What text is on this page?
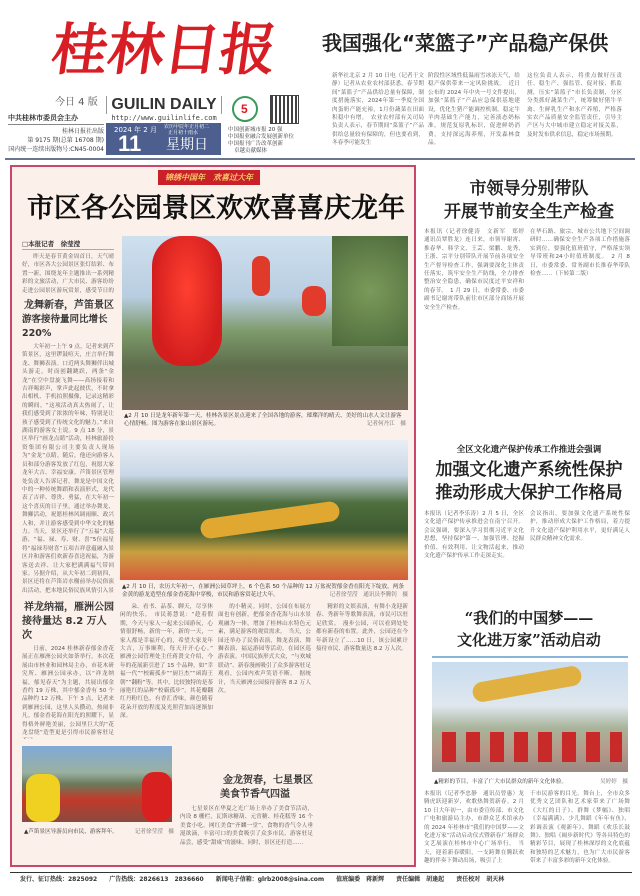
桂林日报
今日 4 版
中共桂林市委员会主办
桂林日报社出版
第 9175 期(总第 16708 期)
国内统一连续出版物号:CN45-0004
GUILIN DAILY
http://www.guilinlife.com
2024 年 2 月
11
农历甲辰年正月初二
正月初十雨水
星期日
5
中国创新城市报 20 强
中国报业融合发展创新单位
中国报刊广告改革创新
卓越贡献媒体
我国强化“菜篮子”产品稳产保供
新华社北京 2 月 10 日电（记者于文静）记者从农业农村部获悉，春节期间“菜篮子”产品供给总量有保障，制度措施落实，2024年第一季度全国肉蛋奶产能充裕，1月份蔬菜在田面积稳中有增。　农业农村部有关司局负责人表示，春节期间“菜篮子”产品供给总量较有保障的，但也要看到，冬春季可能发生
阶段性区域性低温雨雪冰冻天气，给稳产保供带来一定风险挑战。　近日公布的 2024 年中央一号文件提出，加强“菜篮子”产品应急保供基地建设，优化生猪产能调控机制，稳定牛羊肉基础生产能力，完善液态奶标准，规范复原乳标识，促进鲜奶消费，支持深远海养殖，开发森林食品。
这位负责人表示，将重点做好压责任、稳生产、强监管、促对接、抓监测，压实“菜篮子”市长负责制，分区分类抓好蔬菜生产，统筹做好猪牛羊禽、生鲜乳生产和水产养殖，严格落实农产品质量安全监管责任，引导主产区与大中城市建立稳定对接关系，及时发布供求信息，稳定市场预期。
锦绣中国年　欢喜过大年
市区各公园景区欢欢喜喜庆龙年
□本报记者　徐莹滢

昨天是春节黄金周首日，天气晴好，市区各大公园景区张灯结彩、布置一新，围绕龙年主题推出一系列精彩的文旅活动，广大市民、游客纷纷走进公园景区游玩赏景，感受节日的

龙舞新春，芦笛景区
游客接待量同比增长 220%

大年初一上午 9 点，记者来到芦笛景区，这里锣鼓喧天，庄言举行舞龙、舞狮表演。口近两头舞狮伴出城头游走，时而创翻跳跃，两条“金龙”在空中盘旋飞舞——高扬接着和吉祥喝彩声，掌声此起彼伏，不时拿出相机、手机拍照摄像，记录这精彩的瞬间。“这项活动真太热闹了，让我们感受到了浓浓的年味，特别是让孩子感受到了传统文化的魅力。”来自湖南的游客女士说。9 点 18 分，景区举行“画龙点睛”活动，桂林旅游投资集团有限公司主要负责人现场为“金龙”点睛。随后，他还向游客人员和部分游客发放了红包，祝愿大家龙年大吉、幸福安康。芦笛景区管理处负责人告诉记者，舞龙是中国文化中的一种传统舞蹈和表演形式，龙代表了吉祥、尊贵、勇猛，在大年初一这个喜庆的日子里，通过举办舞龙、舞狮活动，祝愿桂林风调雨顺、政兴人和，并让游客感受到中华文化的魅力。当天，景区还举行了“五福”大巡游，“福、禄、寿、财、喜”5位福星将“福禄寿财喜”五项吉祥意蕴融入景区并和游客们欢新春喜送祝福，为游客送去祥、让大家把满满福气带回家。另据介绍，从大年初二到初四，景区还将在芦笛岩水榭前举办民俗演出活动，把本地民俗民族风情引入景

祥龙纳福，雁洲公园
接待量达 8.2 万人次

日前，2024 桂林新春郁金香花展正在雁洲公园火如荼举行。本次花展由市林业和园林局主办，市花木研究所、雁洲公园承办，以“祥龙纳福，郁见春天”为主题，共展出郁金香约 19 万株，其中郁金香有 50 个品种约 12 万株。下午 3 点，记者来到雁洲公园，这里人头攒动，热闹非凡。郁金香花海在阳光的照耀下，显得格外鲜艳美丽，公园里巨大的“花龙盘绕”造型更是引得市民游客驻足

▲2 月 10 日是龙年新年第一天，桂林各景区景点迎来了全国各地的游客，璀璨洋的晴天、美好的山水人文让游客心情舒畅。图为游客在象山景区游玩。	记者何丹江　摄
▲2 月 10 日，农历大年初一，在雁洲公园草坪上，6 个色系 50 个品种的 12 万盆祝贺郁金香在阳光下绽放，两条金黄的游龙造型在郁金香花海中穿梭，市民和游客赏花过大年。	记者徐莹滢　通讯员李腾钊　摄

朵、看书、品茶、聊天，尽享休闲的快乐。　市民蒋慧说：“趁着假期，今天与家人一起来公园游玩，心情很舒畅，新的一年，新的一天，一家人都是幸福开心的，希望大家龙年大吉，万事顺利，每天开开心心。”　雁洲公园管理处主任蒋贤文介绍，今年的花展新引进了 15 个品种，如“幸福一代”“校霸孤步”“厨巨杰”“函海王朝”“翻粉”等。其中，比较独特的是茶丽艳红的品种“校霸孤步”，其花瓣翻红丹粉红色，有香汇香味，颜色随着花朵开放的程度及光照营加而逐渐加深。

的小精灵。同时，公园在布展方面也有创新，把郁金香花海与山水景观融为一体，增加了桂林山水特色元素，满足游客的观赏需求。　当天，公园还举办了民俗表演，舞龙表演、舞狮表演、福运游园等活动，在园区巡游表演。中国民族形式大众，“与欢城联动”、新春漫画吸引了众多游客驻足观看，公园内欢声笑语不断。　据统计，当天雁洲公园接待游客 8.2 万人次。

精彩的文娱表演，有舞小龙迎新春、秀新年等歌舞表演，市民可以驻足欣赏。　漫步公园，可以看到处处都有新春的布置。此外，公园还在今年新设立了……10 日，该公园累计接待市民、游客数量达 8.2 万人次。

▲芦笛景区导游员向市民、游客拜年。	记者徐莹滢　摄
金龙贺春，七星景区
美食节香气四溢

七星景区在华夏之光广场上举办了美食节活动，内设 8 栅栏，瓦斯冰糖葫、元宵糖、桂花糕等 16 个美食小吃。网红美食“齐麟一堂”，食物的香气令人垂涎欲滴，丰富可口的美食吸引了众多市民、游客驻足品尝，感受“甜咸”的滋味。同时，景区还打造……

市领导分别带队
开展节前安全生产检查
本报讯（记者徐健涛　文新军　郑婷　通讯员覃胜龙）连日来，市领导谢霄、推春华、韩学文、王芸、梁鹏、龙秀、王浙、宗平分别带队开展节前各项安全生产督导检查工作，强调要深化主体责任落实，筑牢安全生产防线，全力排查整治安全隐患，确保市民度过平安祥和的春节。　1 月 29 日，市委常委、市委副书记谢霄带队前往市区部分商场开展安全生产检查。
在华石路、旅宗、城市公共地下空间调研时……确保安全生产各项工作措施落实到位。要强化值班值守，严格落实领导带班和24小时值班制度。　2 月 8 日，市委常委、常务副市长推春华带队检查……（下转第二版）
全区文化遗产保护传承工作推进会强调
加强文化遗产系统性保护
推动形成大保护工作格局
本报讯（记者李乐涛）2 月 5 日，全区文化遗产保护传承推进会在南宁召开。会议强调，要深入学习贯彻习近平文化思想，坚持保护第一、加强管理、挖掘价值、有效利用、让文物活起来，推动文化遗产保护传承工作走深走实。
会议指出，要加强文化遗产系统性保护，推动形成大保护工作格局，着力提升文化遗产保护利用水平，更好满足人民群众精神文化需求。
“我们的中国梦——
文化进万家”活动启动
▲精彩的节目，丰富了广大市民群众的新年文化体验。	吴婷婷　摄
本报讯（记者李忠静　通讯员曾惠）龙腾虎跃迎新岁，欢歌热舞贺新春。2 月 10 日大年初一，由市委宣传部、市文化广电和旅游局主办，市群众艺术馆承办的 2024 年桂林市“我们的中国梦——文化进万家”活动启动仪式暨新春广场群众文艺展演在桂林市中心广场举行。　当天，迎着新春暖阳，一支跨舞在腾跃欢趣的伴奏下舞动出场，吸引了上
千市民游客的目光。舞台上，全市众多优秀文艺团队和艺术家带来了广场舞《大红的日子》、群舞《梦幅》、独唱《幸福满满》、少儿舞蹈《年年有鱼》、彩调表演《观新年》、舞蹈《欢乐长鼓舞》、独唱《阔步新时代》等各具特色的精彩节目，展现了桂林深厚的文化底蕴和独特的艺术魅力，也为广大市民游客带来了丰富多彩的新年文化体验。
发行、征订热线：2825092 广告热线：2826613　2836660 新闻电子信箱：glrb2008@sina.com 值班编委　蒋新辉 责任编辑　胡逢起 责任校对　胡天林
